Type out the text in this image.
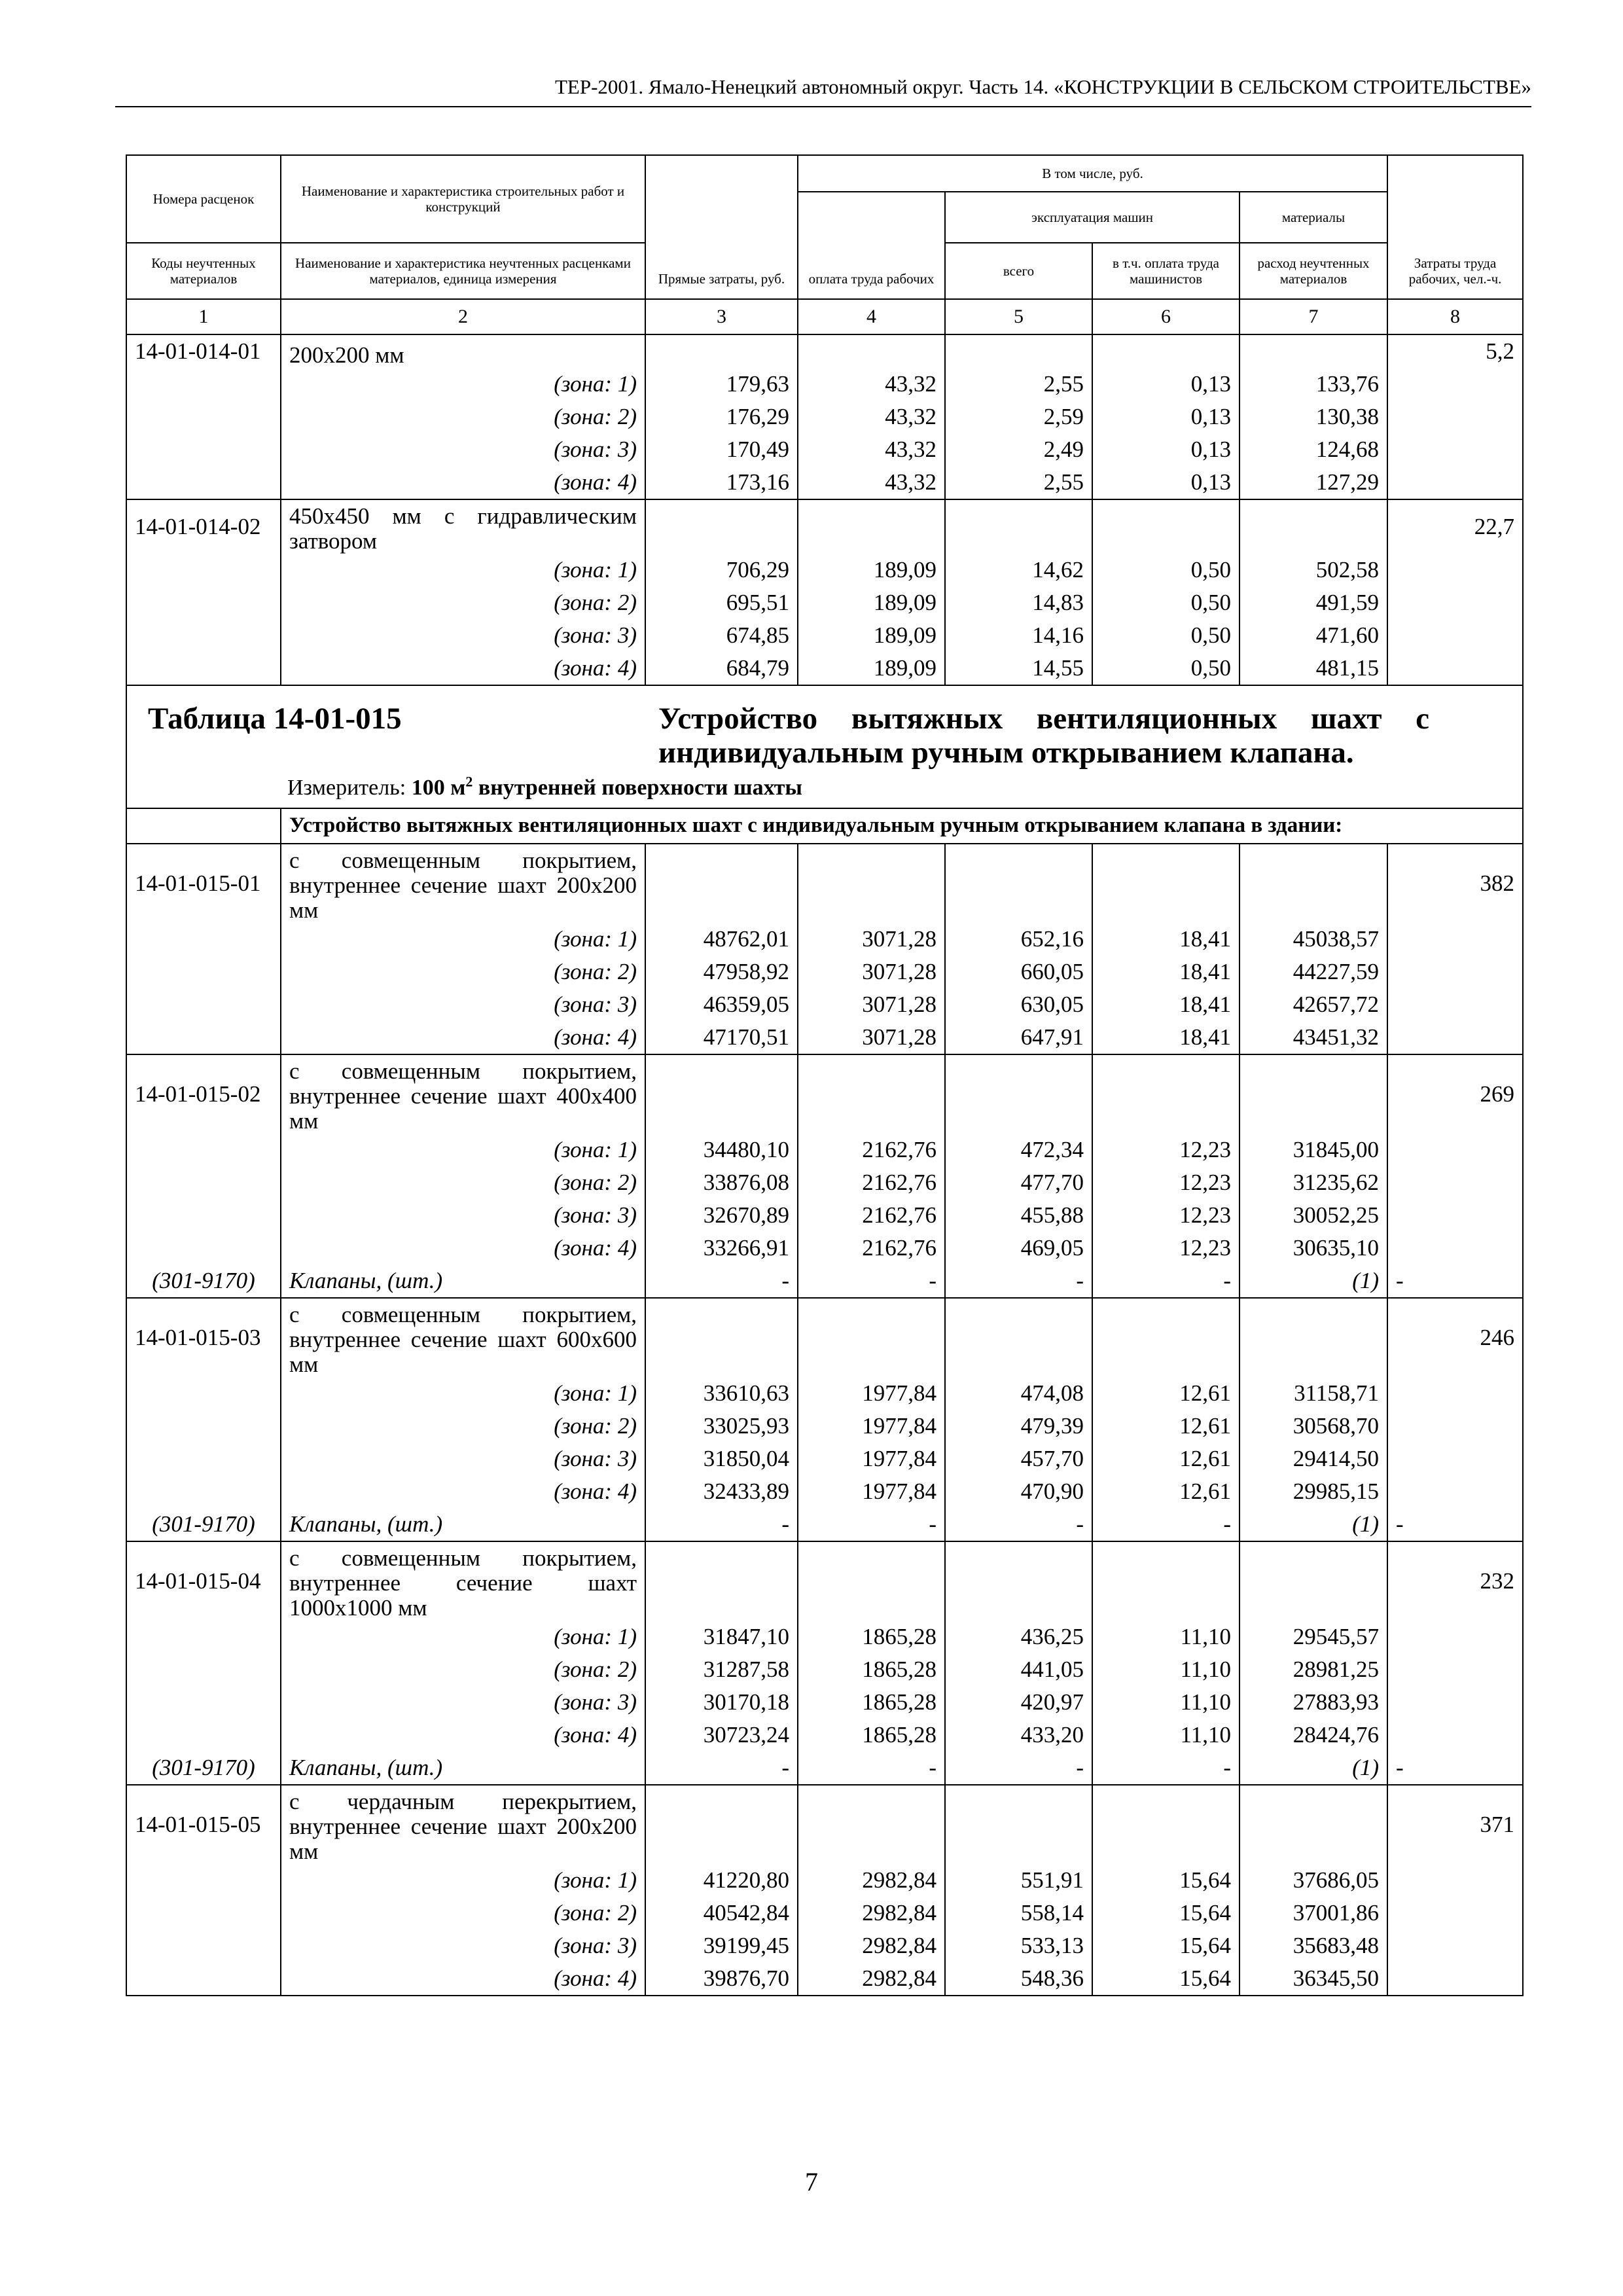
ТЕР-2001. Ямало-Ненецкий автономный округ. Часть 14. «КОНСТРУКЦИИ В СЕЛЬСКОМ СТРОИТЕЛЬСТВЕ»
Номера расценок	Наименование и характеристика строительных работ и конструкций	Прямые затраты, руб.	В том числе, руб.				Затраты труда рабочих, чел.-ч.
			оплата труда рабочих	эксплуатация машин		материалы	
Коды неучтенных материалов	Наименование и характеристика неучтенных расценками материалов, единица измерения			всего	в т.ч. оплата труда машинистов	расход неучтенных материалов	
1	2	3	4	5	6	7	8
14-01-014-01	200х200 мм						5,2
	(зона: 1)	179,63	43,32	2,55	0,13	133,76	
	(зона: 2)	176,29	43,32	2,59	0,13	130,38	
	(зона: 3)	170,49	43,32	2,49	0,13	124,68	
	(зона: 4)	173,16	43,32	2,55	0,13	127,29	
14-01-014-02	450х450 мм с гидравлическим затвором						22,7
	(зона: 1)	706,29	189,09	14,62	0,50	502,58	
	(зона: 2)	695,51	189,09	14,83	0,50	491,59	
	(зона: 3)	674,85	189,09	14,16	0,50	471,60	
	(зона: 4)	684,79	189,09	14,55	0,50	481,15	

Таблица 14-01-015 Устройство вытяжных вентиляционных шахт с индивидуальным ручным открыванием клапана.							

Измеритель: 100 $м^2$ внутренней поверхности шахты							

	Устройство вытяжных вентиляционных шахт с индивидуальным ручным открыванием клапана в здании:						
14-01-015-01	с совмещенным покрытием, внутреннее сечение шахт 200х200 мм						382
	(зона: 1)	48762,01	3071,28	652,16	18,41	45038,57	
	(зона: 2)	47958,92	3071,28	660,05	18,41	44227,59	
	(зона: 3)	46359,05	3071,28	630,05	18,41	42657,72	
	(зона: 4)	47170,51	3071,28	647,91	18,41	43451,32	
14-01-015-02	с совмещенным покрытием, внутреннее сечение шахт 400х400 мм						269
	(зона: 1)	34480,10	2162,76	472,34	12,23	31845,00	
	(зона: 2)	33876,08	2162,76	477,70	12,23	31235,62	
	(зона: 3)	32670,89	2162,76	455,88	12,23	30052,25	
	(зона: 4)	33266,91	2162,76	469,05	12,23	30635,10	
(301-9170)	Клапаны, (шт.)	-	-	-	-	(1)	-
14-01-015-03	с совмещенным покрытием, внутреннее сечение шахт 600х600 мм						246
	(зона: 1)	33610,63	1977,84	474,08	12,61	31158,71	
	(зона: 2)	33025,93	1977,84	479,39	12,61	30568,70	
	(зона: 3)	31850,04	1977,84	457,70	12,61	29414,50	
	(зона: 4)	32433,89	1977,84	470,90	12,61	29985,15	
(301-9170)	Клапаны, (шт.)	-	-	-	-	(1)	-
14-01-015-04	с совмещенным покрытием, внутреннее сечение шахт 1000х1000 мм						232
	(зона: 1)	31847,10	1865,28	436,25	11,10	29545,57	
	(зона: 2)	31287,58	1865,28	441,05	11,10	28981,25	
	(зона: 3)	30170,18	1865,28	420,97	11,10	27883,93	
	(зона: 4)	30723,24	1865,28	433,20	11,10	28424,76	
(301-9170)	Клапаны, (шт.)	-	-	-	-	(1)	-
14-01-015-05	с чердачным перекрытием, внутреннее сечение шахт 200х200 мм						371
	(зона: 1)	41220,80	2982,84	551,91	15,64	37686,05	
	(зона: 2)	40542,84	2982,84	558,14	15,64	37001,86	
	(зона: 3)	39199,45	2982,84	533,13	15,64	35683,48	
	(зона: 4)	39876,70	2982,84	548,36	15,64	36345,50	
7
